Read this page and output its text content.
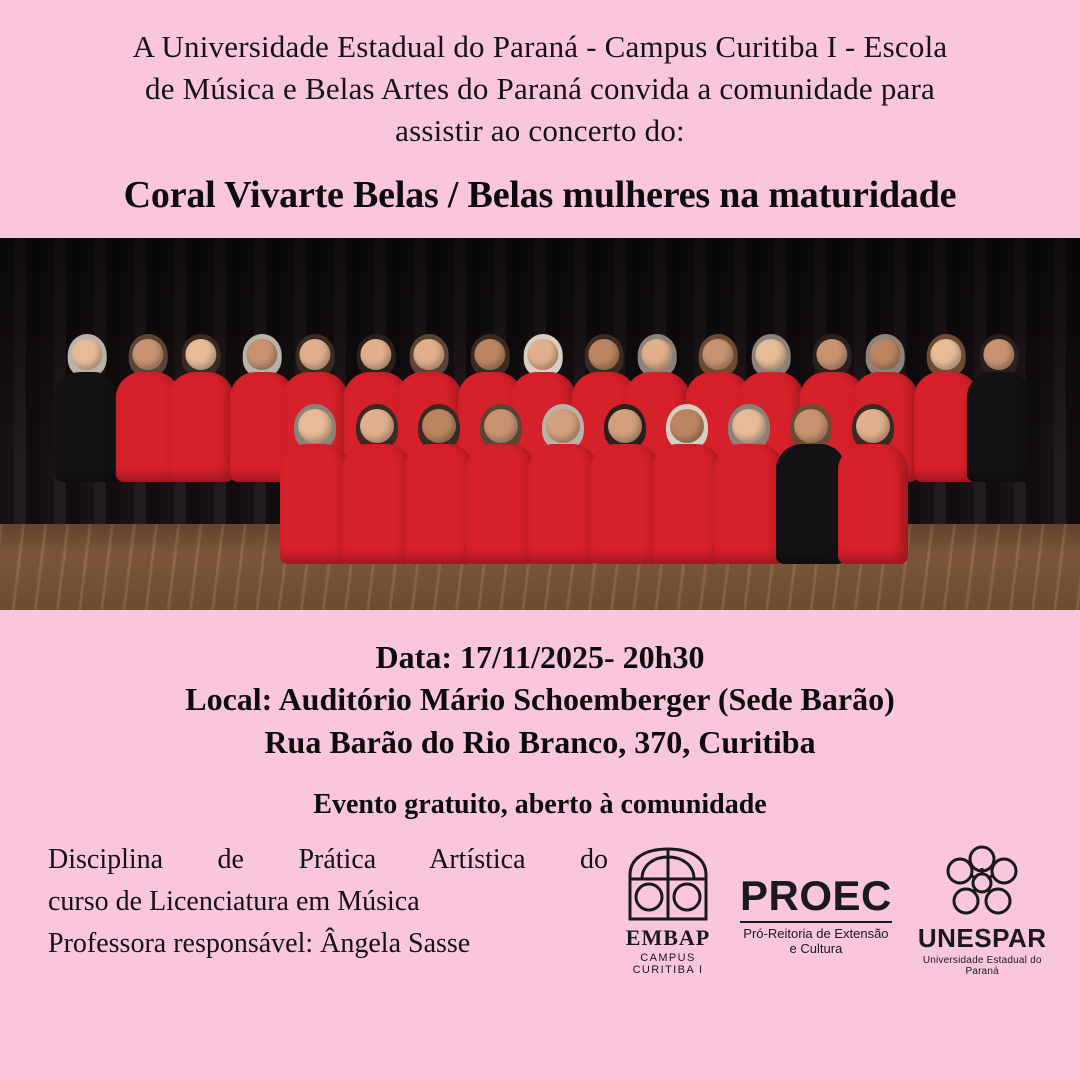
A Universidade Estadual do Paraná - Campus Curitiba I - Escola
de Música e Belas Artes do Paraná convida a comunidade para
assistir ao concerto do:

Coral Vivarte Belas / Belas mulheres na maturidade

Data: 17/11/2025- 20h30
Local: Auditório Mário Schoemberger (Sede Barão)
Rua Barão do Rio Branco, 370, Curitiba

Evento gratuito, aberto à comunidade

Disciplina de Prática Artística do
curso de Licenciatura em Música
Professora responsável: Ângela Sasse	EMBAP
CAMPUS CURITIBA I
PROEC
Pró-Reitoria de Extensão
e Cultura	UNESPAR
Universidade Estadual do Paraná
